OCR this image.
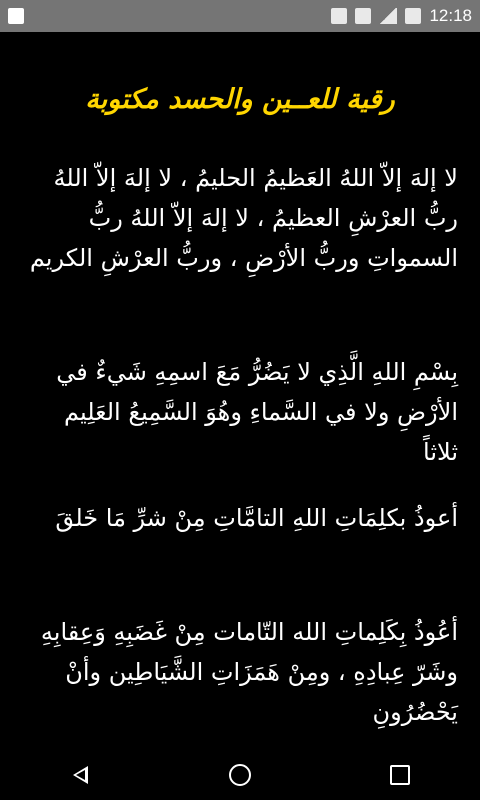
12:18
رقية للعــين والحسد مكتوبة
لا إلهَ إلاّ اللهُ العَظيمُ الحليمُ ، لا إلهَ إلاّ اللهُ ربُّ العرْشِ العظيمُ ، لا إلهَ إلاّ اللهُ ربُّ السمواتِ وربُّ الأرْضِ ، وربُّ العرْشِ الكريم
بِسْمِ اللهِ الَّذِي لا يَضُرُّ مَعَ اسمِهِ شَيءٌ في الأرْضِ ولا في السَّماءِ وهُوَ السَّمِيعُ العَلِيم ثلاثاً
أعوذُ بكلِمَاتِ اللهِ التامَّاتِ مِنْ شرِّ مَا خَلقَ
أعُوذُ بِكَلِماتِ الله التّامات مِنْ غَضَبِهِ وَعِقابِهِ وشَرّ عِبادِهِ ، ومِنْ هَمَزَاتِ الشَّيَاطِين وأنْ يَحْضُرُونِ
